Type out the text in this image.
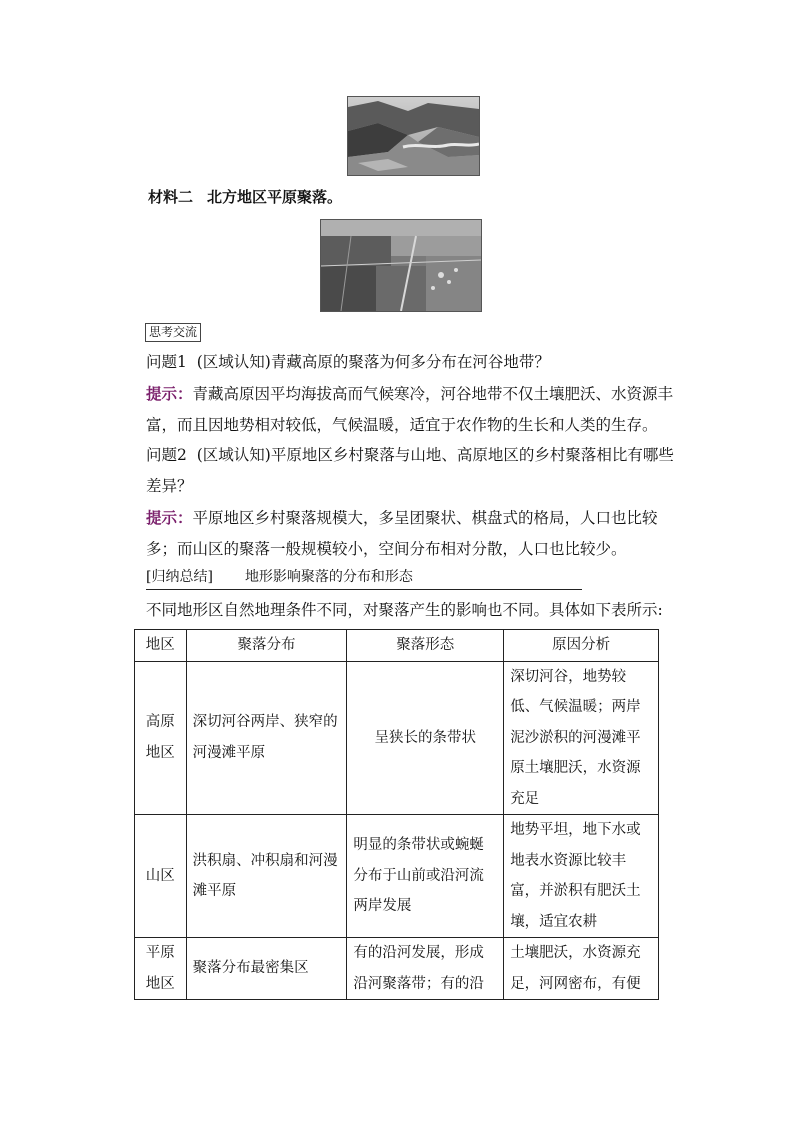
材料二 北方地区平原聚落。
思考交流
问题1 (区域认知)青藏高原的聚落为何多分布在河谷地带？
提示：青藏高原因平均海拔高而气候寒冷，河谷地带不仅土壤肥沃、水资源丰富，而且因地势相对较低，气候温暖，适宜于农作物的生长和人类的生存。
问题2 (区域认知)平原地区乡村聚落与山地、高原地区的乡村聚落相比有哪些差异？
提示：平原地区乡村聚落规模大，多呈团聚状、棋盘式的格局，人口也比较多；而山区的聚落一般规模较小，空间分布相对分散，人口也比较少。
[归纳总结] 地形影响聚落的分布和形态
不同地形区自然地理条件不同，对聚落产生的影响也不同。具体如下表所示:
地区	聚落分布	聚落形态	原因分析
高原地区	深切河谷两岸、狭窄的河漫滩平原	呈狭长的条带状	深切河谷，地势较低、气候温暖；两岸泥沙淤积的河漫滩平原土壤肥沃，水资源充足
山区	洪积扇、冲积扇和河漫滩平原	明显的条带状或蜿蜒分布于山前或沿河流两岸发展	地势平坦，地下水或地表水资源比较丰富，并淤积有肥沃土壤，适宜农耕
平原地区	聚落分布最密集区	有的沿河发展，形成沿河聚落带；有的沿	土壤肥沃，水资源充足，河网密布，有便
